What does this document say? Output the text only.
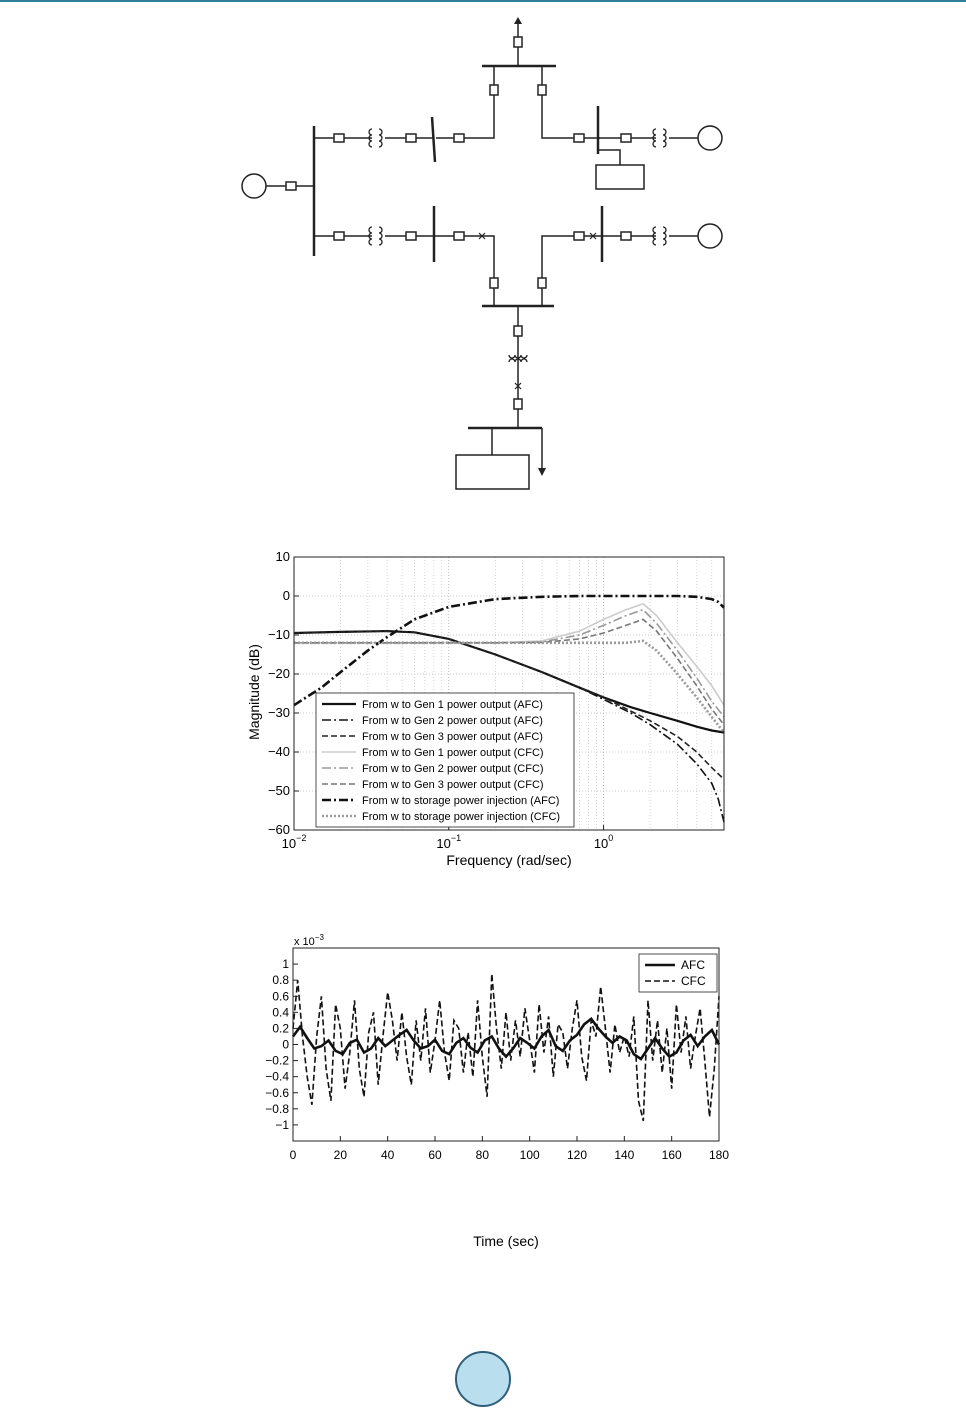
10
0
−10
−20
−30
−40
−50
−60
$10^{-2}$	$10^{-1}$	$10^0$
Frequency (rad/sec)
Magnitude (dB)	From w to Gen 1 power output (AFC)
From w to Gen 2 power output (AFC)
From w to Gen 3 power output (AFC)
From w to Gen 1 power output (CFC)
From w to Gen 2 power output (CFC)
From w to Gen 3 power output (CFC)
From w to storage power injection (AFC)
From w to storage power injection (CFC)
1
0.8
0.6
0.4
0.2
0
−0.2
−0.4
−0.6
−0.8
−1
0	20	40	60	80	100 120 140 160 180
x $10^{-3}$
Time (sec)
AFC
CFC
